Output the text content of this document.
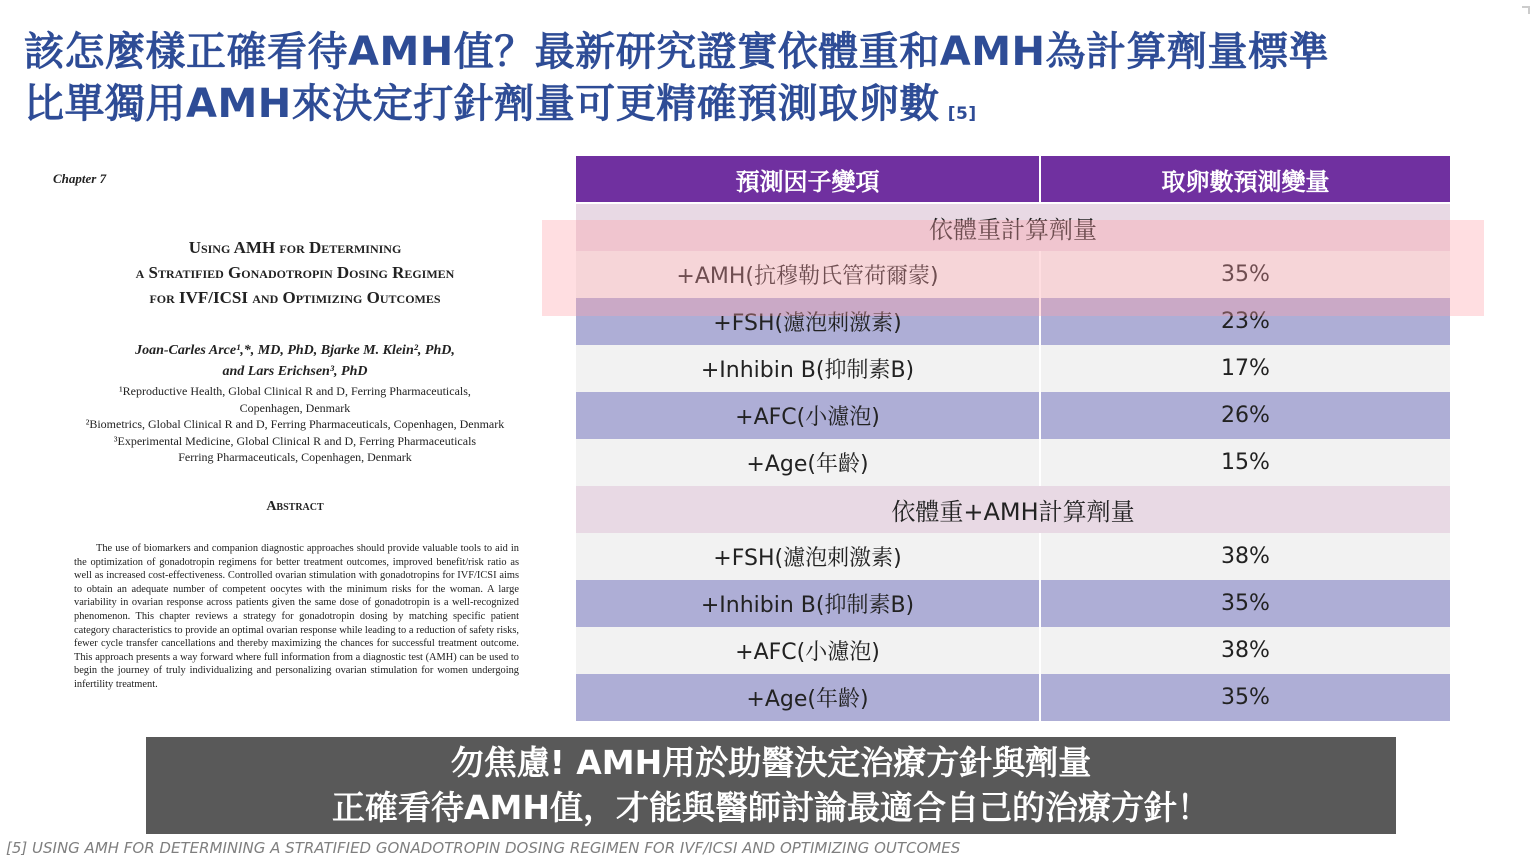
該怎麼樣正確看待AMH值？最新研究證實依體重和AMH為計算劑量標準
比單獨用AMH來決定打針劑量可更精確預測取卵數 [5]
Chapter 7
Using AMH for Determining
a Stratified Gonadotropin Dosing Regimen
for IVF/ICSI and Optimizing Outcomes
Joan-Carles Arce¹,*, MD, PhD, Bjarke M. Klein², PhD,
and Lars Erichsen³, PhD
¹Reproductive Health, Global Clinical R and D, Ferring Pharmaceuticals,
Copenhagen, Denmark
²Biometrics, Global Clinical R and D, Ferring Pharmaceuticals, Copenhagen, Denmark
³Experimental Medicine, Global Clinical R and D, Ferring Pharmaceuticals
Ferring Pharmaceuticals, Copenhagen, Denmark
Abstract
The use of biomarkers and companion diagnostic approaches should provide valuable tools to aid in the optimization of gonadotropin regimens for better treatment outcomes, improved benefit/risk ratio as well as increased cost-effectiveness. Controlled ovarian stimulation with gonadotropins for IVF/ICSI aims to obtain an adequate number of competent oocytes with the minimum risks for the woman. A large variability in ovarian response across patients given the same dose of gonadotropin is a well-recognized phenomenon. This chapter reviews a strategy for gonadotropin dosing by matching specific patient category characteristics to provide an optimal ovarian response while leading to a reduction of safety risks, fewer cycle transfer cancellations and thereby maximizing the chances for successful treatment outcome. This approach presents a way forward where full information from a diagnostic test (AMH) can be used to begin the journey of truly individualizing and personalizing ovarian stimulation for women undergoing infertility treatment.
預測因子變項	取卵數預測變量
依體重計算劑量
+AMH(抗穆勒氏管荷爾蒙)	35%
+FSH(濾泡刺激素)	23%
+Inhibin B(抑制素B)	17%
+AFC(小濾泡)	26%
+Age(年齡)	15%
依體重+AMH計算劑量
+FSH(濾泡刺激素)	38%
+Inhibin B(抑制素B)	35%
+AFC(小濾泡)	38%
+Age(年齡)	35%
勿焦慮! AMH用於助醫決定治療方針與劑量
正確看待AMH值，才能與醫師討論最適合自己的治療方針！
[5] USING AMH FOR DETERMINING A STRATIFIED GONADOTROPIN DOSING REGIMEN FOR IVF/ICSI AND OPTIMIZING OUTCOMES
